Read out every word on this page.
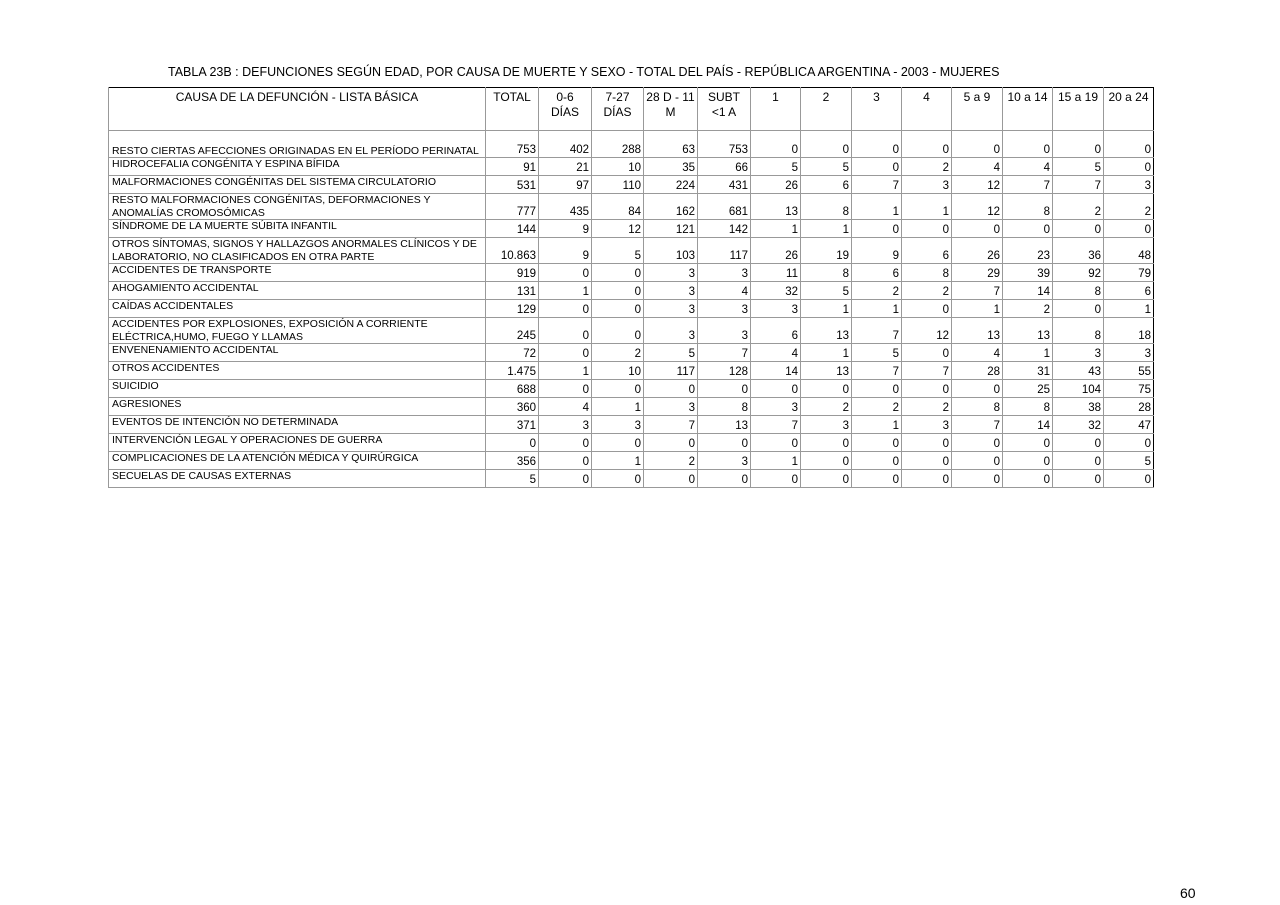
TABLA 23B : DEFUNCIONES SEGÚN EDAD, POR CAUSA DE MUERTE Y SEXO - TOTAL DEL PAÍS - REPÚBLICA ARGENTINA - 2003 - MUJERES
CAUSA DE LA DEFUNCIÓN - LISTA BÁSICA	TOTAL	0-6 DÍAS	7-27 DÍAS	28 D - 11 M	SUBT <1 A	1	2	3	4	5 a 9	10 a 14	15 a 19	20 a 24
RESTO CIERTAS AFECCIONES ORIGINADAS EN EL PERÍODO PERINATAL	753	402	288	63	753	0	0	0	0	0	0	0	0
HIDROCEFALIA CONGÉNITA Y ESPINA BÍFIDA	91	21	10	35	66	5	5	0	2	4	4	5	0
MALFORMACIONES CONGÉNITAS DEL SISTEMA CIRCULATORIO	531	97	110	224	431	26	6	7	3	12	7	7	3
RESTO MALFORMACIONES CONGÉNITAS, DEFORMACIONES Y ANOMALÍAS CROMOSÓMICAS	777	435	84	162	681	13	8	1	1	12	8	2	2
SÍNDROME DE LA MUERTE SÚBITA INFANTIL	144	9	12	121	142	1	1	0	0	0	0	0	0
OTROS SÍNTOMAS, SIGNOS Y HALLAZGOS ANORMALES CLÍNICOS Y DE LABORATORIO, NO CLASIFICADOS EN OTRA PARTE	10.863	9	5	103	117	26	19	9	6	26	23	36	48
ACCIDENTES DE TRANSPORTE	919	0	0	3	3	11	8	6	8	29	39	92	79
AHOGAMIENTO ACCIDENTAL	131	1	0	3	4	32	5	2	2	7	14	8	6
CAÍDAS ACCIDENTALES	129	0	0	3	3	3	1	1	0	1	2	0	1
ACCIDENTES POR EXPLOSIONES, EXPOSICIÓN A CORRIENTE ELÉCTRICA,HUMO, FUEGO Y LLAMAS	245	0	0	3	3	6	13	7	12	13	13	8	18
ENVENENAMIENTO ACCIDENTAL	72	0	2	5	7	4	1	5	0	4	1	3	3
OTROS ACCIDENTES	1.475	1	10	117	128	14	13	7	7	28	31	43	55
SUICIDIO	688	0	0	0	0	0	0	0	0	0	25	104	75
AGRESIONES	360	4	1	3	8	3	2	2	2	8	8	38	28
EVENTOS DE INTENCIÓN NO DETERMINADA	371	3	3	7	13	7	3	1	3	7	14	32	47
INTERVENCIÓN LEGAL Y OPERACIONES DE GUERRA	0	0	0	0	0	0	0	0	0	0	0	0	0
COMPLICACIONES DE LA ATENCIÓN MÉDICA Y QUIRÚRGICA	356	0	1	2	3	1	0	0	0	0	0	0	5
SECUELAS DE CAUSAS EXTERNAS	5	0	0	0	0	0	0	0	0	0	0	0	0
60
